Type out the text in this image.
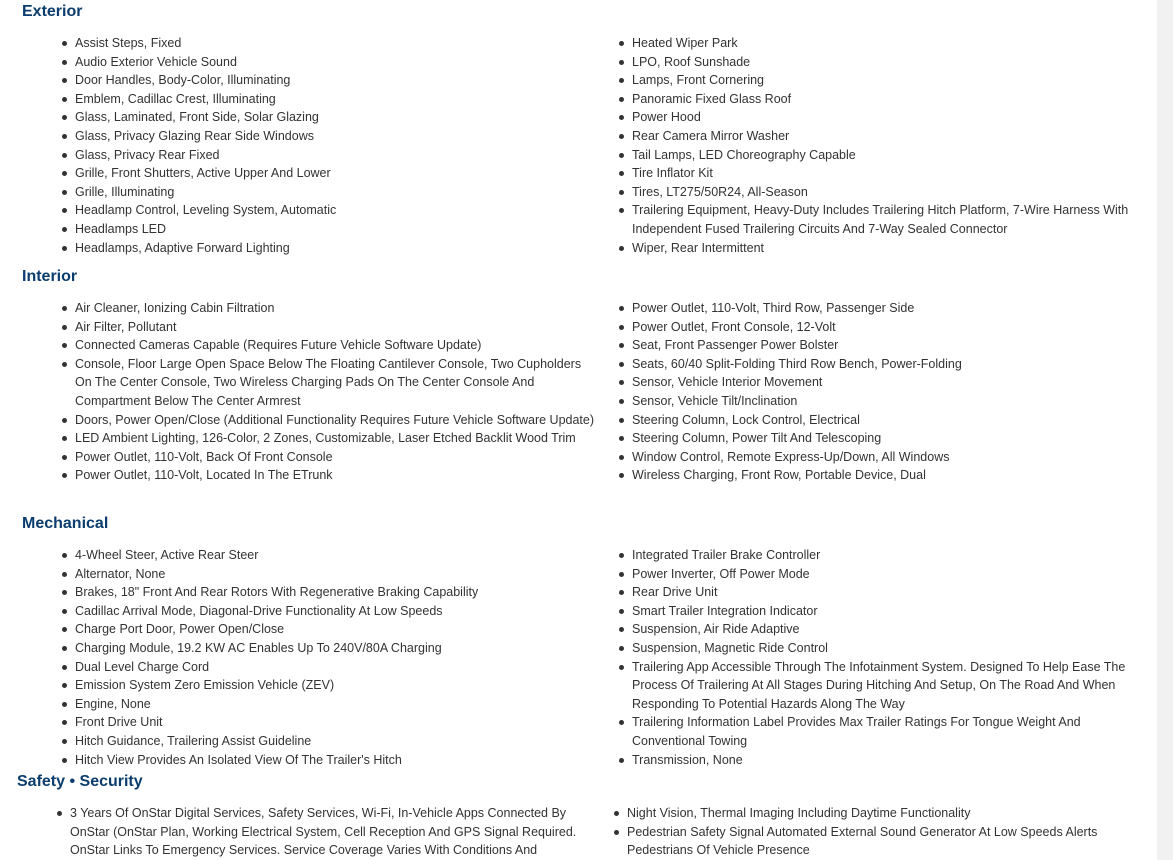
Exterior
Assist Steps, Fixed
Audio Exterior Vehicle Sound
Door Handles, Body-Color, Illuminating
Emblem, Cadillac Crest, Illuminating
Glass, Laminated, Front Side, Solar Glazing
Glass, Privacy Glazing Rear Side Windows
Glass, Privacy Rear Fixed
Grille, Front Shutters, Active Upper And Lower
Grille, Illuminating
Headlamp Control, Leveling System, Automatic
Headlamps LED
Headlamps, Adaptive Forward Lighting
Heated Wiper Park
LPO, Roof Sunshade
Lamps, Front Cornering
Panoramic Fixed Glass Roof
Power Hood
Rear Camera Mirror Washer
Tail Lamps, LED Choreography Capable
Tire Inflator Kit
Tires, LT275/50R24, All-Season
Trailering Equipment, Heavy-Duty Includes Trailering Hitch Platform, 7-Wire Harness With Independent Fused Trailering Circuits And 7-Way Sealed Connector
Wiper, Rear Intermittent
Interior
Air Cleaner, Ionizing Cabin Filtration
Air Filter, Pollutant
Connected Cameras Capable (Requires Future Vehicle Software Update)
Console, Floor Large Open Space Below The Floating Cantilever Console, Two Cupholders On The Center Console, Two Wireless Charging Pads On The Center Console And Compartment Below The Center Armrest
Doors, Power Open/Close (Additional Functionality Requires Future Vehicle Software Update)
LED Ambient Lighting, 126-Color, 2 Zones, Customizable, Laser Etched Backlit Wood Trim
Power Outlet, 110-Volt, Back Of Front Console
Power Outlet, 110-Volt, Located In The ETrunk
Power Outlet, 110-Volt, Third Row, Passenger Side
Power Outlet, Front Console, 12-Volt
Seat, Front Passenger Power Bolster
Seats, 60/40 Split-Folding Third Row Bench, Power-Folding
Sensor, Vehicle Interior Movement
Sensor, Vehicle Tilt/Inclination
Steering Column, Lock Control, Electrical
Steering Column, Power Tilt And Telescoping
Window Control, Remote Express-Up/Down, All Windows
Wireless Charging, Front Row, Portable Device, Dual
Mechanical
4-Wheel Steer, Active Rear Steer
Alternator, None
Brakes, 18" Front And Rear Rotors With Regenerative Braking Capability
Cadillac Arrival Mode, Diagonal-Drive Functionality At Low Speeds
Charge Port Door, Power Open/Close
Charging Module, 19.2 KW AC Enables Up To 240V/80A Charging
Dual Level Charge Cord
Emission System Zero Emission Vehicle (ZEV)
Engine, None
Front Drive Unit
Hitch Guidance, Trailering Assist Guideline
Hitch View Provides An Isolated View Of The Trailer's Hitch
Integrated Trailer Brake Controller
Power Inverter, Off Power Mode
Rear Drive Unit
Smart Trailer Integration Indicator
Suspension, Air Ride Adaptive
Suspension, Magnetic Ride Control
Trailering App Accessible Through The Infotainment System. Designed To Help Ease The Process Of Trailering At All Stages During Hitching And Setup, On The Road And When Responding To Potential Hazards Along The Way
Trailering Information Label Provides Max Trailer Ratings For Tongue Weight And Conventional Towing
Transmission, None
Safety • Security
3 Years Of OnStar Digital Services, Safety Services, Wi-Fi, In-Vehicle Apps Connected By OnStar (OnStar Plan, Working Electrical System, Cell Reception And GPS Signal Required. OnStar Links To Emergency Services. Service Coverage Varies With Conditions And
Night Vision, Thermal Imaging Including Daytime Functionality
Pedestrian Safety Signal Automated External Sound Generator At Low Speeds Alerts Pedestrians Of Vehicle Presence
